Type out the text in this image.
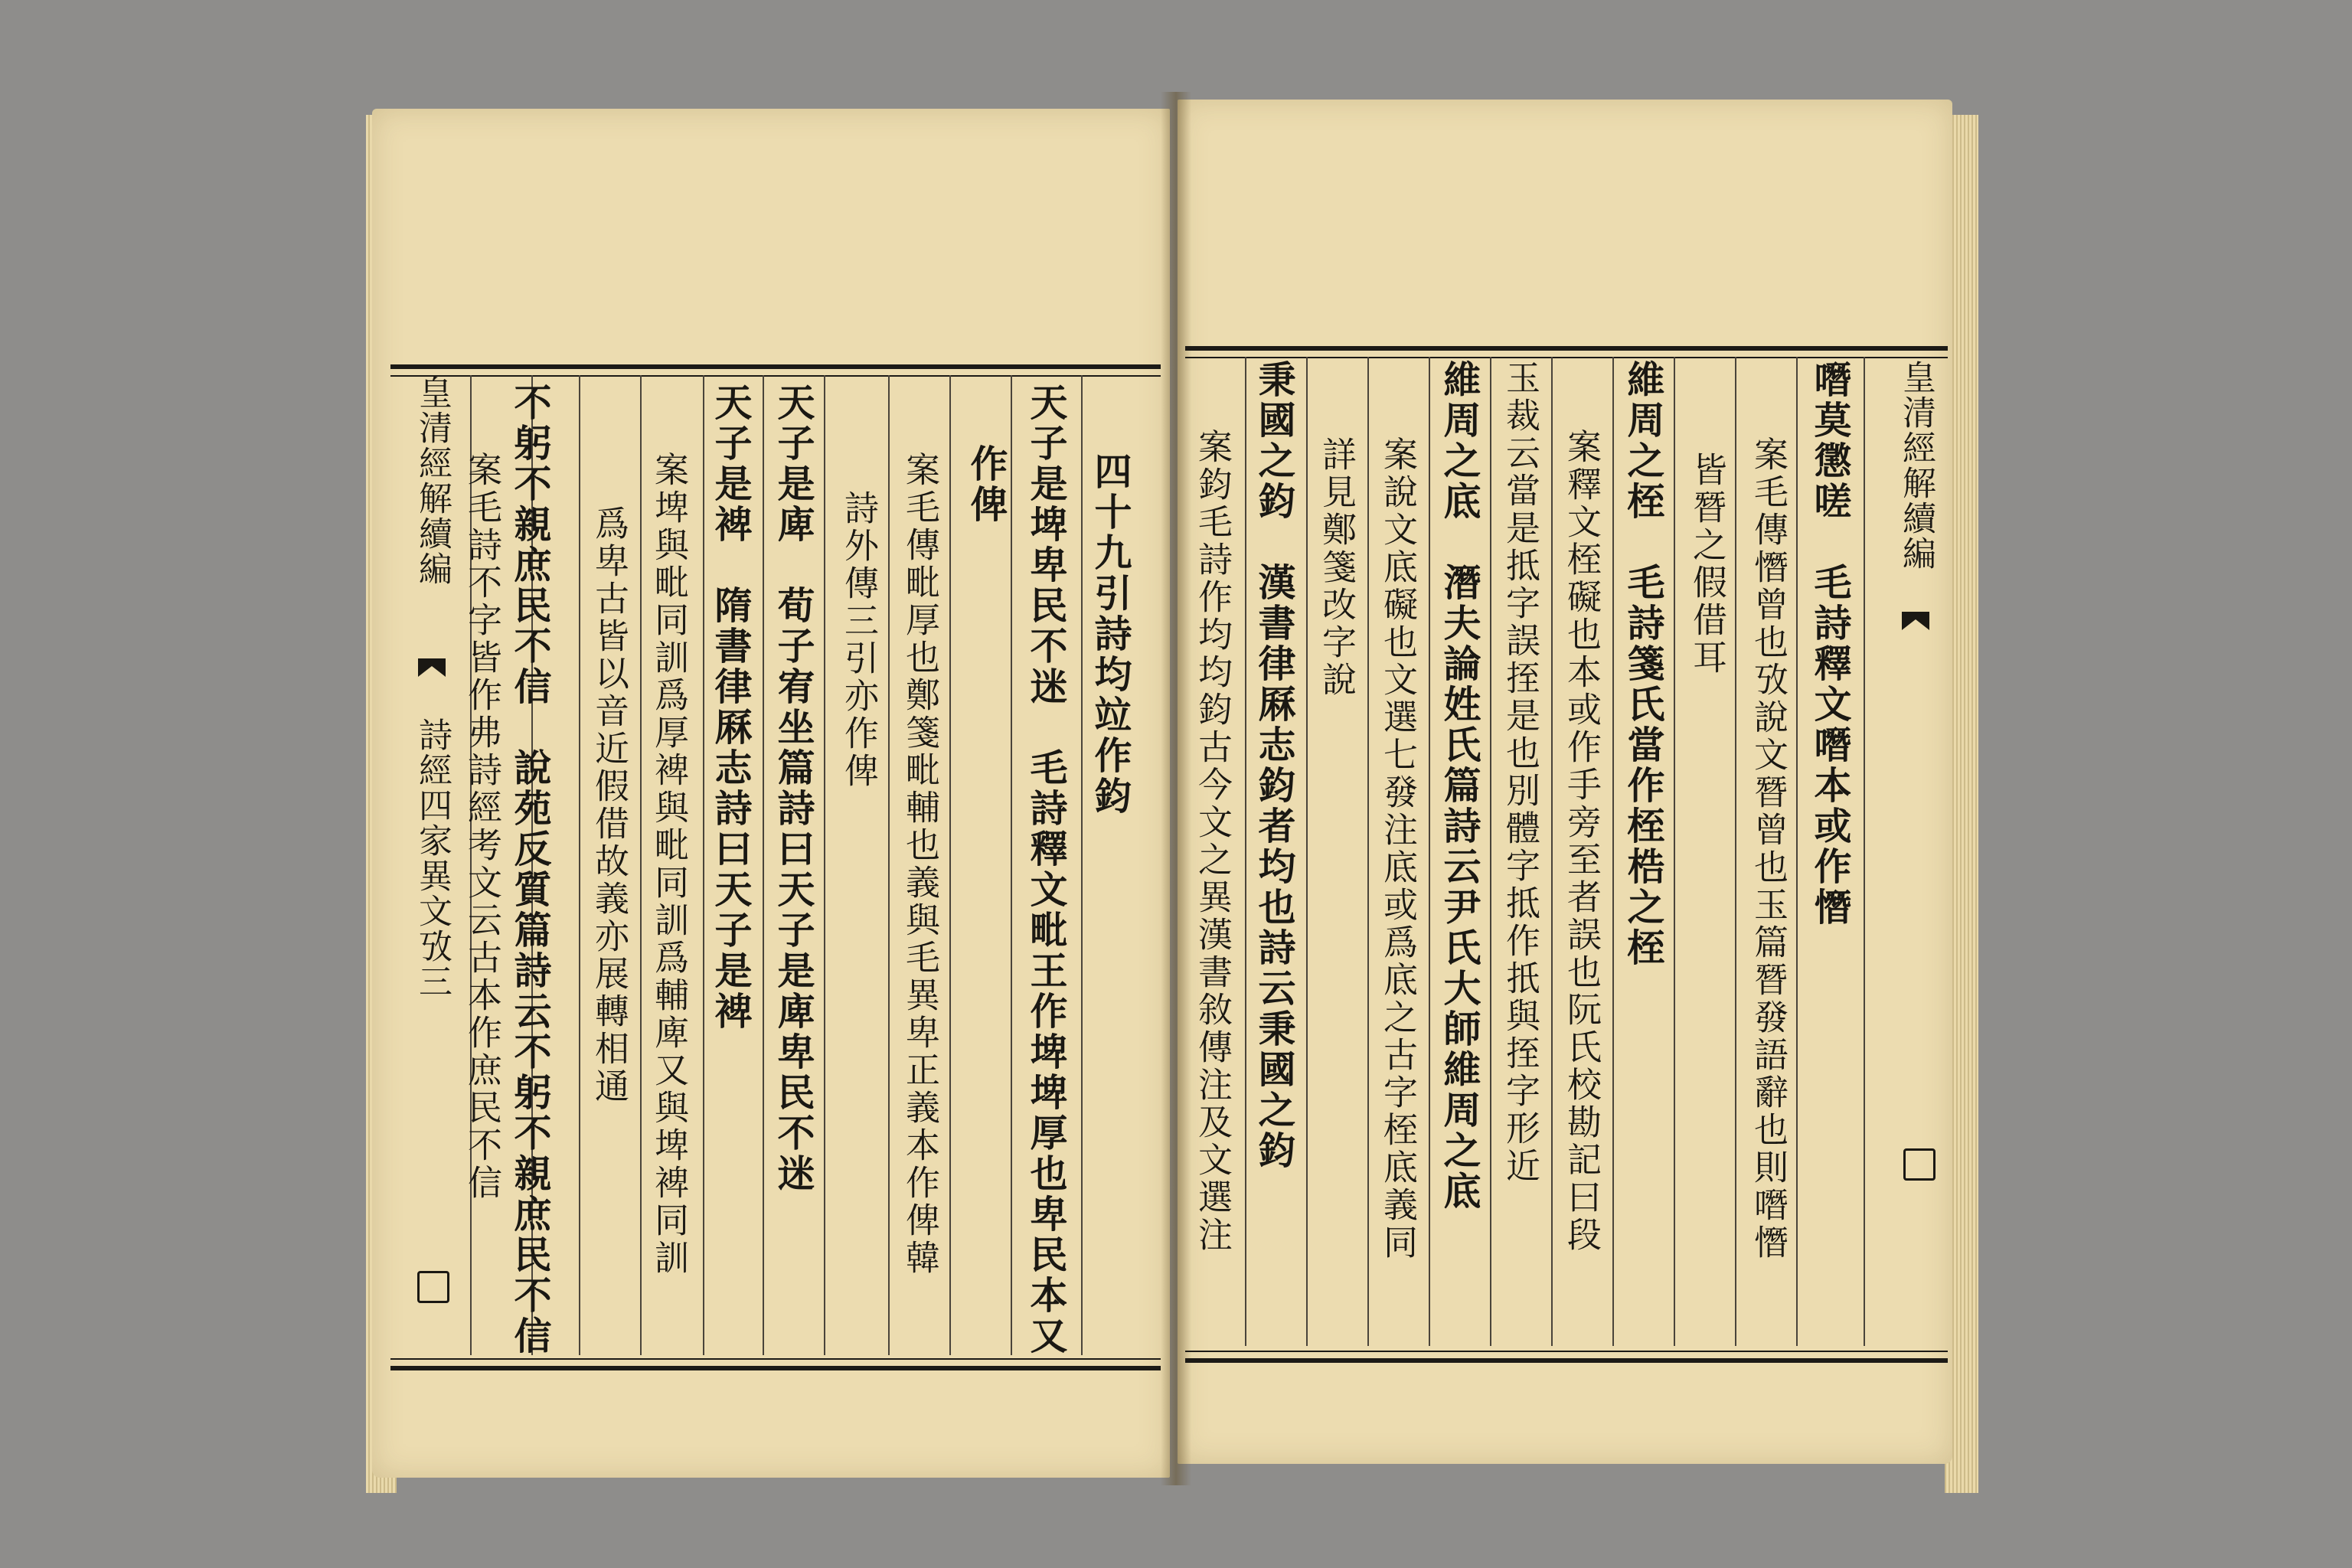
皇清經解續編
詩經四家異文攷三
四十九引詩均竝作鈞
天子是埤卑民不迷　毛詩釋文毗王作埤埤厚也卑民本又
作俾
案毛傳毗厚也鄭箋毗輔也義與毛異卑正義本作俾韓
詩外傳三引亦作俾
天子是庳　荀子宥坐篇詩曰天子是庳卑民不迷
天子是裨　隋書律厤志詩曰天子是裨
案埤與毗同訓爲厚裨與毗同訓爲輔庳又與埤裨同訓
爲卑古皆以音近假借故義亦展轉相通
不躬不親庶民不信　說苑反質篇詩云不躬不親庶民不信
案毛詩不字皆作弗詩經考文云古本作庶民不信	皇清經解續編
噆莫懲嗟　毛詩釋文噆本或作憯
案毛傳憯曾也攷說文朁曾也玉篇朁發語辭也則噆憯
皆朁之假借耳
維周之桎　毛詩箋氏當作桎梏之桎
案釋文桎礙也本或作手旁至者誤也阮氏校勘記曰段
玉裁云當是抵字誤挃是也別體字抵作扺與挃字形近
維周之底　潛夫論姓氏篇詩云尹氏大師維周之底
案說文底礙也文選七發注底或爲底之古字桎底義同
詳見鄭箋改字說
秉國之鈞　漢書律厤志鈞者均也詩云秉國之鈞
案鈞毛詩作均均鈞古今文之異漢書敘傳注及文選注
